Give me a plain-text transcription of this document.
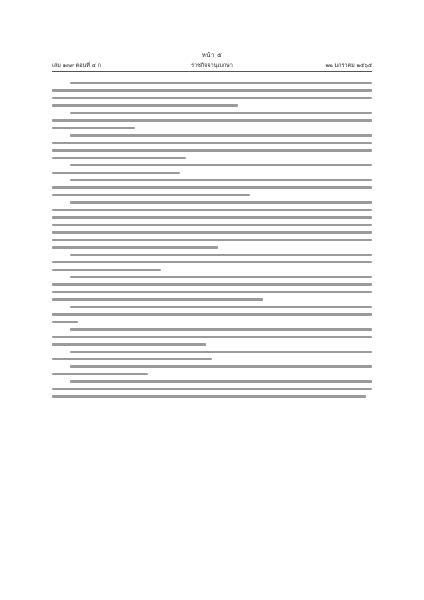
หน้า ๕
เล่ม ๑๓๙ ตอนที่ ๔ ก	ราชกิจจานุเบกษา	๒๒ มกราคม ๒๕๖๕
